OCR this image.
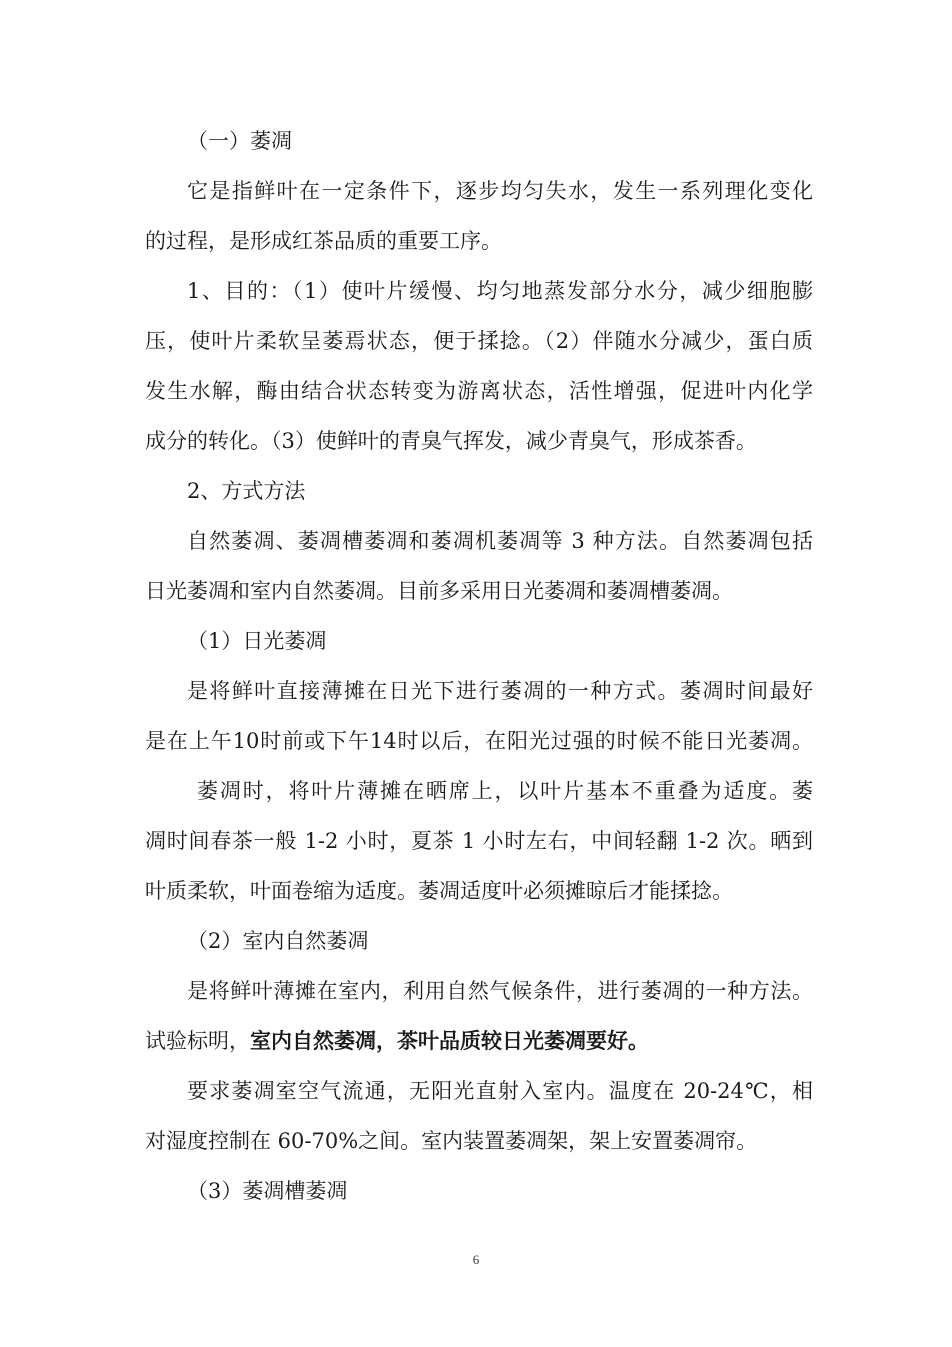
（一）萎凋
它是指鲜叶在一定条件下，逐步均匀失水，发生一系列理化变化
的过程，是形成红茶品质的重要工序。
1、目的：（1）使叶片缓慢、均匀地蒸发部分水分，减少细胞膨
压，使叶片柔软呈萎焉状态，便于揉捻。（2）伴随水分减少，蛋白质
发生水解，酶由结合状态转变为游离状态，活性增强，促进叶内化学
成分的转化。（3）使鲜叶的青臭气挥发，减少青臭气，形成茶香。
2、方式方法
自然萎凋、萎凋槽萎凋和萎凋机萎凋等 3 种方法。自然萎凋包括
日光萎凋和室内自然萎凋。目前多采用日光萎凋和萎凋槽萎凋。
（1）日光萎凋
是将鲜叶直接薄摊在日光下进行萎凋的一种方式。萎凋时间最好
是在上午10时前或下午14时以后，在阳光过强的时候不能日光萎凋。
萎凋时，将叶片薄摊在晒席上，以叶片基本不重叠为适度。萎
凋时间春茶一般 1-2 小时，夏茶 1 小时左右，中间轻翻 1-2 次。晒到
叶质柔软，叶面卷缩为适度。萎凋适度叶必须摊晾后才能揉捻。
（2）室内自然萎凋
是将鲜叶薄摊在室内，利用自然气候条件，进行萎凋的一种方法。
试验标明，室内自然萎凋，茶叶品质较日光萎凋要好。
要求萎凋室空气流通，无阳光直射入室内。温度在 20-24℃，相
对湿度控制在 60-70%之间。室内装置萎凋架，架上安置萎凋帘。
（3）萎凋槽萎凋
6
